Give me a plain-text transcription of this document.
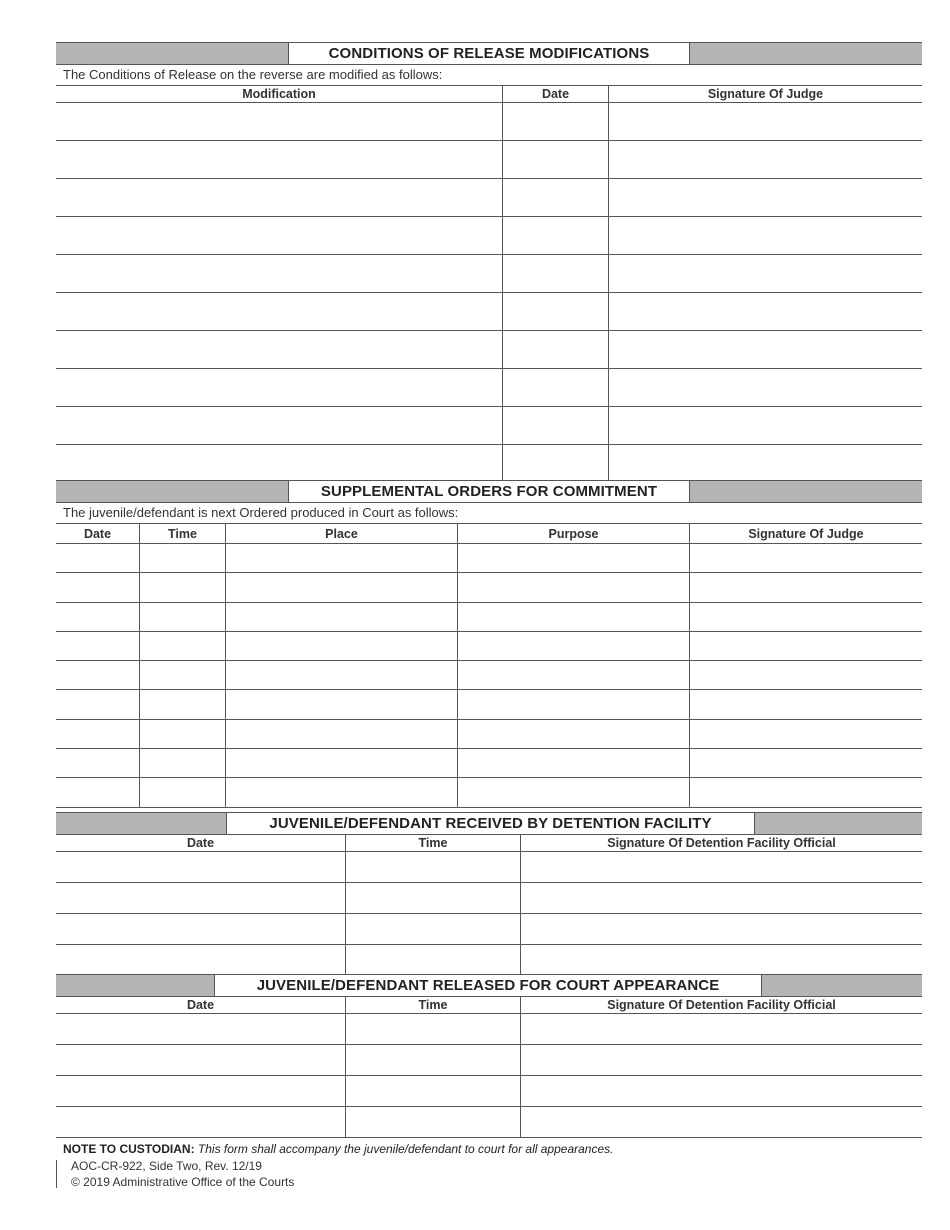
CONDITIONS OF RELEASE MODIFICATIONS
The Conditions of Release on the reverse are modified as follows:
Modification	Date	Signature Of Judge
SUPPLEMENTAL ORDERS FOR COMMITMENT
The juvenile/defendant is next Ordered produced in Court as follows:
Date	Time	Place	Purpose	Signature Of Judge
JUVENILE/DEFENDANT RECEIVED BY DETENTION FACILITY
Date	Time	Signature Of Detention Facility Official
JUVENILE/DEFENDANT RELEASED FOR COURT APPEARANCE
Date	Time	Signature Of Detention Facility Official
NOTE TO CUSTODIAN: This form shall accompany the juvenile/defendant to court for all appearances.
AOC-CR-922, Side Two, Rev. 12/19
© 2019 Administrative Office of the Courts
